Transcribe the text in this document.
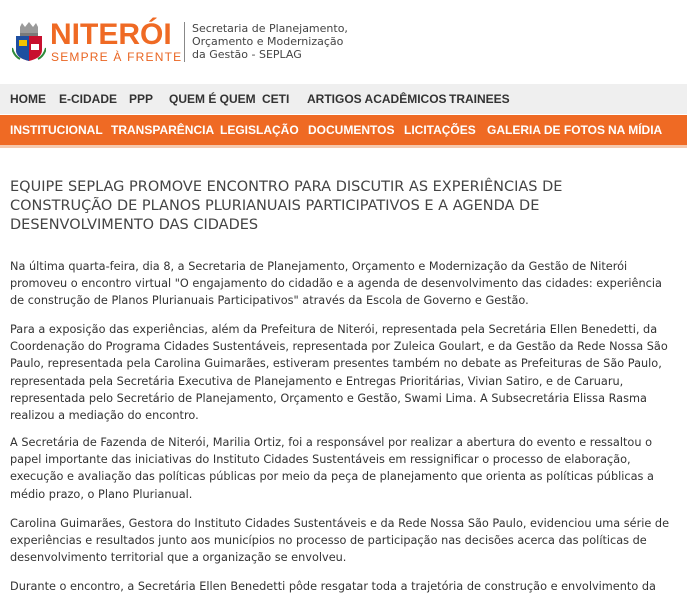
NITERÓI
SEMPRE À FRENTE
Secretaria de Planejamento,
Orçamento e Modernização
da Gestão - SEPLAG
HOME E-CIDADE PPP QUEM É QUEM CETI ARTIGOS ACADÊMICOS TRAINEES
INSTITUCIONAL TRANSPARÊNCIA LEGISLAÇÃO DOCUMENTOS LICITAÇÕES GALERIA DE FOTOS NA MÍDIA
EQUIPE SEPLAG PROMOVE ENCONTRO PARA DISCUTIR AS EXPERIÊNCIAS DE
CONSTRUÇÃO DE PLANOS PLURIANUAIS PARTICIPATIVOS E A AGENDA DE
DESENVOLVIMENTO DAS CIDADES

Na última quarta-feira, dia 8, a Secretaria de Planejamento, Orçamento e Modernização da Gestão de Niterói
promoveu o encontro virtual "O engajamento do cidadão e a agenda de desenvolvimento das cidades: experiência
de construção de Planos Plurianuais Participativos" através da Escola de Governo e Gestão.

Para a exposição das experiências, além da Prefeitura de Niterói, representada pela Secretária Ellen Benedetti, da
Coordenação do Programa Cidades Sustentáveis, representada por Zuleica Goulart, e da Gestão da Rede Nossa São
Paulo, representada pela Carolina Guimarães, estiveram presentes também no debate as Prefeituras de São Paulo,
representada pela Secretária Executiva de Planejamento e Entregas Prioritárias, Vivian Satiro, e de Caruaru,
representada pelo Secretário de Planejamento, Orçamento e Gestão, Swami Lima. A Subsecretária Elissa Rasma
realizou a mediação do encontro.

A Secretária de Fazenda de Niterói, Marilia Ortiz, foi a responsável por realizar a abertura do evento e ressaltou o
papel importante das iniciativas do Instituto Cidades Sustentáveis em ressignificar o processo de elaboração,
execução e avaliação das políticas públicas por meio da peça de planejamento que orienta as políticas públicas a
médio prazo, o Plano Plurianual.

Carolina Guimarães, Gestora do Instituto Cidades Sustentáveis e da Rede Nossa São Paulo, evidenciou uma série de
experiências e resultados junto aos municípios no processo de participação nas decisões acerca das políticas de
desenvolvimento territorial que a organização se envolveu.

Durante o encontro, a Secretária Ellen Benedetti pôde resgatar toda a trajetória de construção e envolvimento da
